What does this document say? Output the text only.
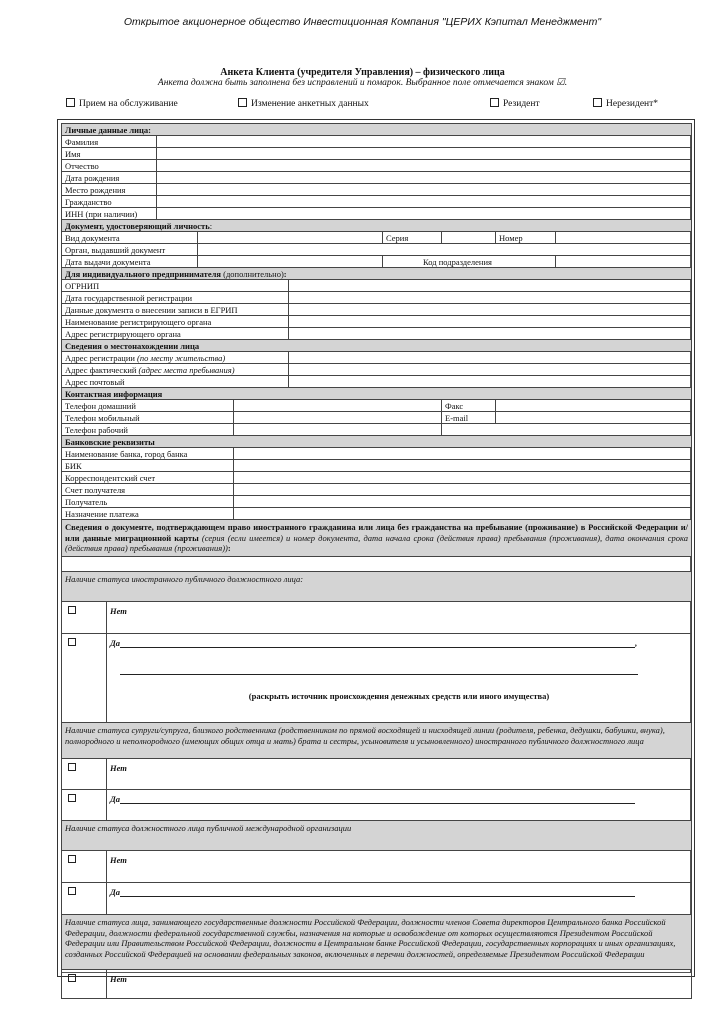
Открытое акционерное общество Инвестиционная Компания "ЦЕРИХ Кэпитал Менеджмент"
Анкета Клиента (учредителя Управления) – физического лица
Анкета должна быть заполнена без исправлений и помарок. Выбранное поле отмечается знаком ☑.
Прием на обслуживание	Изменение анкетных данных	Резидент	Нерезидент*
Личные данные лица:									
Фамилия									
Имя									
Отчество									
Дата рождения									
Место рождения									
Гражданство									
ИНН (при наличии)									
Документ, удостоверяющий личность:									
Вид документа						Серия		Номер	
Орган, выдавший документ									
Дата выдачи документа						Код подразделения			
Для индивидуального предпринимателя (дополнительно):									
ОГРНИП									
Дата государственной регистрации									
Данные документа о внесении записи в ЕГРИП									
Наименование регистрирующего органа									
Адрес регистрирующего органа									
Сведения о местонахождении лица									
Адрес регистрации (по месту жительства)									
Адрес фактический (адрес места пребывания)									
Адрес почтовый									
Контактная информация									
Телефон домашний							Факс		
Телефон мобильный							E-mail		
Телефон рабочий									
Банковские реквизиты									
Наименование банка, город банка									
БИК									
Корреспондентский счет									
Счет получателя									
Получатель									
Назначение платежа									
Сведения о документе, подтверждающем право иностранного гражданина или лица без гражданства на пребывание (проживание) в Российской Федерации и/или данные миграционной карты (серия (если имеется) и номер документа, дата начала срока (действия права) пребывания (проживания), дата окончания срока (действия права) пребывания (проживания)):									

Наличие статуса иностранного публичного должностного лица:									
	Нет								

	Да ,
(раскрыть источник происхождения денежных средств или иного имущества)								

Наличие статуса супруги/супруга, близкого родственника (родственником по прямой восходящей и нисходящей линии (родителя, ребенка, дедушки, бабушки, внука), полнородного и неполнородного (имеющих общих отца и мать) брата и сестры, усыновителя и усыновленного) иностранного публичного должностного лица									
	Нет								
	Да								
Наличие статуса должностного лица публичной международной организации									
	Нет								
	Да								
Наличие статуса лица, занимающего государственные должности Российской Федерации, должности членов Совета директоров Центрального банка Российской Федерации, должности федеральной государственной службы, назначения на которые и освобождение от которых осуществляются Президентом Российской Федерации или Правительством Российской Федерации, должности в Центральном банке Российской Федерации, государственных корпорациях и иных организациях, созданных Российской Федерацией на основании федеральных законов, включенных в перечни должностей, определяемые Президентом Российской Федерации									
	Нет								
